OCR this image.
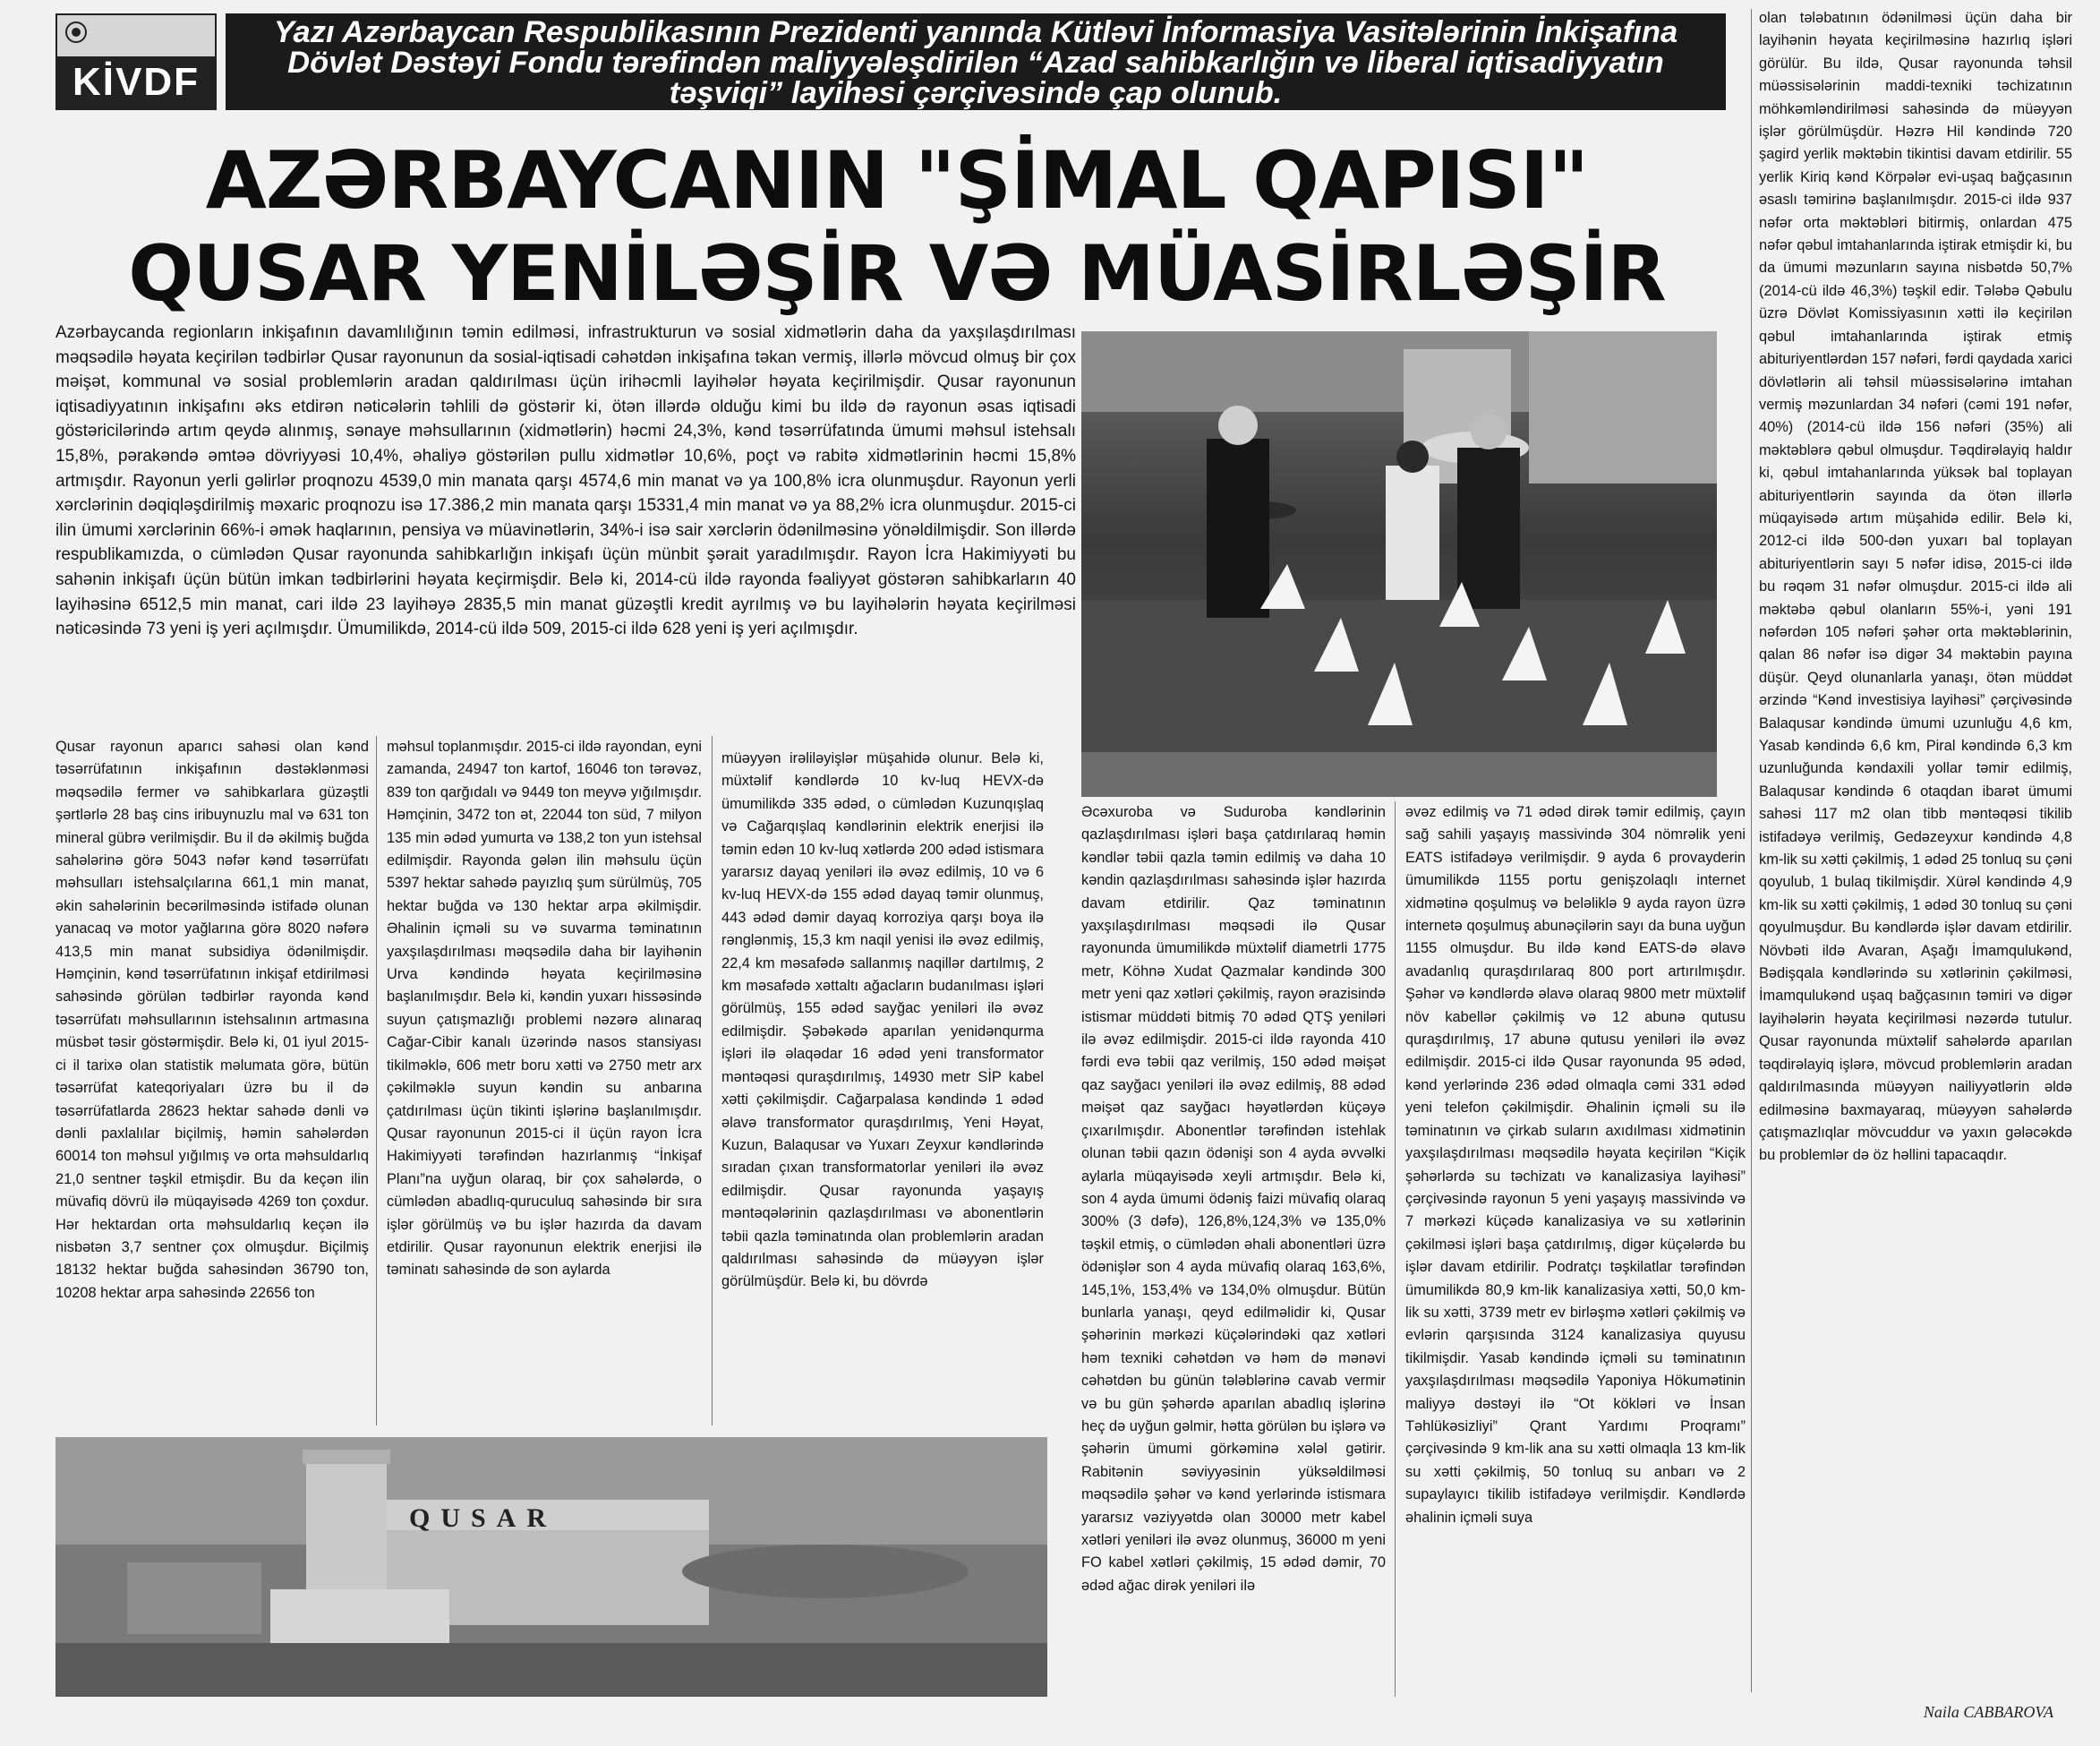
KİVDF
Yazı Azərbaycan Respublikasının Prezidenti yanında Kütləvi İnformasiya Vasitələrinin İnkişafına Dövlət Dəstəyi Fondu tərəfindən maliyyələşdirilən “Azad sahibkarlığın və liberal iqtisadiyyatın təşviqi” layihəsi çərçivəsində çap olunub.
AZƏRBAYCANIN "ŞİMAL QAPISI"
QUSAR YENİLƏŞİR VƏ MÜASİRLƏŞİR
Azərbaycanda regionların inkişafının davamlılığının təmin edilməsi, infrastrukturun və sosial xidmətlərin daha da yaxşılaşdırılması məqsədilə həyata keçirilən tədbirlər Qusar rayonunun da sosial-iqtisadi cəhətdən inkişafına təkan vermiş, illərlə mövcud olmuş bir çox məişət, kommunal və sosial problemlərin aradan qaldırılması üçün irihəcmli layihələr həyata keçirilmişdir. Qusar rayonunun iqtisadiyyatının inkişafını əks etdirən nəticələrin təhlili də göstərir ki, ötən illərdə olduğu kimi bu ildə də rayonun əsas iqtisadi göstəricilərində artım qeydə alınmış, sənaye məhsullarının (xidmətlərin) həcmi 24,3%, kənd təsərrüfatında ümumi məhsul istehsalı 15,8%, pərakəndə əmtəə dövriyyəsi 10,4%, əhaliyə göstərilən pullu xidmətlər 10,6%, poçt və rabitə xidmətlərinin həcmi 15,8% artmışdır. Rayonun yerli gəlirlər proqnozu 4539,0 min manata qarşı 4574,6 min manat və ya 100,8% icra olunmuşdur. Rayonun yerli xərclərinin dəqiqləşdirilmiş məxaric proqnozu isə 17.386,2 min manata qarşı 15331,4 min manat və ya 88,2% icra olunmuşdur. 2015-ci ilin ümumi xərclərinin 66%-i əmək haqlarının, pensiya və müavinətlərin, 34%-i isə sair xərclərin ödənilməsinə yönəldilmişdir. Son illərdə respublikamızda, o cümlədən Qusar rayonunda sahibkarlığın inkişafı üçün münbit şərait yaradılmışdır. Rayon İcra Hakimiyyəti bu sahənin inkişafı üçün bütün imkan tədbirlərini həyata keçirmişdir. Belə ki, 2014-cü ildə rayonda fəaliyyət göstərən sahibkarların 40 layihəsinə 6512,5 min manat, cari ildə 23 layihəyə 2835,5 min manat güzəştli kredit ayrılmış və bu layihələrin həyata keçirilməsi nəticəsində 73 yeni iş yeri açılmışdır. Ümumilikdə, 2014-cü ildə 509, 2015-ci ildə 628 yeni iş yeri açılmışdır.
Qusar rayonun aparıcı sahəsi olan kənd təsərrüfatının inkişafının dəstəklənməsi məqsədilə fermer və sahibkarlara güzəştli şərtlərlə 28 baş cins iribuynuzlu mal və 631 ton mineral gübrə verilmişdir. Bu il də əkilmiş buğda sahələrinə görə 5043 nəfər kənd təsərrüfatı məhsulları istehsalçılarına 661,1 min manat, əkin sahələrinin becərilməsində istifadə olunan yanacaq və motor yağlarına görə 8020 nəfərə 413,5 min manat subsidiya ödənilmişdir. Həmçinin, kənd təsərrüfatının inkişaf etdirilməsi sahəsində görülən tədbirlər rayonda kənd təsərrüfatı məhsullarının istehsalının artmasına müsbət təsir göstərmişdir. Belə ki, 01 iyul 2015-ci il tarixə olan statistik məlumata görə, bütün təsərrüfat kateqoriyaları üzrə bu il də təsərrüfatlarda 28623 hektar sahədə dənli və dənli paxlalılar biçilmiş, həmin sahələrdən 60014 ton məhsul yığılmış və orta məhsuldarlıq 21,0 sentner təşkil etmişdir. Bu da keçən ilin müvafiq dövrü ilə müqayisədə 4269 ton çoxdur. Hər hektardan orta məhsuldarlıq keçən ilə nisbətən 3,7 sentner çox olmuşdur. Biçilmiş 18132 hektar buğda sahəsindən 36790 ton, 10208 hektar arpa sahəsində 22656 ton
məhsul toplanmışdır. 2015-ci ildə rayondan, eyni zamanda, 24947 ton kartof, 16046 ton tərəvəz, 839 ton qarğıdalı və 9449 ton meyvə yığılmışdır. Həmçinin, 3472 ton ət, 22044 ton süd, 7 milyon 135 min ədəd yumurta və 138,2 ton yun istehsal edilmişdir. Rayonda gələn ilin məhsulu üçün 5397 hektar sahədə payızlıq şum sürülmüş, 705 hektar buğda və 130 hektar arpa əkilmişdir. Əhalinin içməli su və suvarma təminatının yaxşılaşdırılması məqsədilə daha bir layihənin Urva kəndində həyata keçirilməsinə başlanılmışdır. Belə ki, kəndin yuxarı hissəsində suyun çatışmazlığı problemi nəzərə alınaraq Cağar-Cibir kanalı üzərində nasos stansiyası tikilməklə, 606 metr boru xətti və 2750 metr arx çəkilməklə suyun kəndin su anbarına çatdırılması üçün tikinti işlərinə başlanılmışdır. Qusar rayonunun 2015-ci il üçün rayon İcra Hakimiyyəti tərəfindən hazırlanmış “İnkişaf Planı”na uyğun olaraq, bir çox sahələrdə, o cümlədən abadlıq-quruculuq sahəsində bir sıra işlər görülmüş və bu işlər hazırda da davam etdirilir. Qusar rayonunun elektrik enerjisi ilə təminatı sahəsində də son aylarda
müəyyən irəliləyişlər müşahidə olunur. Belə ki, müxtəlif kəndlərdə 10 kv-luq HEVX-də ümumilikdə 335 ədəd, o cümlədən Kuzunqışlaq və Cağarqışlaq kəndlərinin elektrik enerjisi ilə təmin edən 10 kv-luq xətlərdə 200 ədəd istismara yararsız dayaq yeniləri ilə əvəz edilmiş, 10 və 6 kv-luq HEVX-də 155 ədəd dayaq təmir olunmuş, 443 ədəd dəmir dayaq korroziya qarşı boya ilə rənglənmiş, 15,3 km naqil yenisi ilə əvəz edilmiş, 22,4 km məsafədə sallanmış naqillər dartılmış, 2 km məsafədə xəttaltı ağacların budanılması işləri görülmüş, 155 ədəd sayğac yeniləri ilə əvəz edilmişdir. Şəbəkədə aparılan yenidənqurma işləri ilə əlaqədar 16 ədəd yeni transformator məntəqəsi quraşdırılmış, 14930 metr SİP kabel xətti çəkilmişdir. Cağarpalasa kəndində 1 ədəd əlavə transformator quraşdırılmış, Yeni Həyat, Kuzun, Balaqusar və Yuxarı Zeyxur kəndlərində sıradan çıxan transformatorlar yeniləri ilə əvəz edilmişdir. Qusar rayonunda yaşayış məntəqələrinin qazlaşdırılması və abonentlərin təbii qazla təminatında olan problemlərin aradan qaldırılması sahəsində də müəyyən işlər görülmüşdür. Belə ki, bu dövrdə
Əcəxuroba və Suduroba kəndlərinin qazlaşdırılması işləri başa çatdırılaraq həmin kəndlər təbii qazla təmin edilmiş və daha 10 kəndin qazlaşdırılması sahəsində işlər hazırda davam etdirilir. Qaz təminatının yaxşılaşdırılması məqsədi ilə Qusar rayonunda ümumilikdə müxtəlif diametrli 1775 metr, Köhnə Xudat Qazmalar kəndində 300 metr yeni qaz xətləri çəkilmiş, rayon ərazisində istismar müddəti bitmiş 70 ədəd QTŞ yeniləri ilə əvəz edilmişdir. 2015-ci ildə rayonda 410 fərdi evə təbii qaz verilmiş, 150 ədəd məişət qaz sayğacı yeniləri ilə əvəz edilmiş, 88 ədəd məişət qaz sayğacı həyətlərdən küçəyə çıxarılmışdır. Abonentlər tərəfindən istehlak olunan təbii qazın ödənişi son 4 ayda əvvəlki aylarla müqayisədə xeyli artmışdır. Belə ki, son 4 ayda ümumi ödəniş faizi müvafiq olaraq 300% (3 dəfə), 126,8%,124,3% və 135,0% təşkil etmiş, o cümlədən əhali abonentləri üzrə ödənişlər son 4 ayda müvafiq olaraq 163,6%, 145,1%, 153,4% və 134,0% olmuşdur. Bütün bunlarla yanaşı, qeyd edilməlidir ki, Qusar şəhərinin mərkəzi küçələrindəki qaz xətləri həm texniki cəhətdən və həm də mənəvi cəhətdən bu günün tələblərinə cavab vermir və bu gün şəhərdə aparılan abadlıq işlərinə heç də uyğun gəlmir, hətta görülən bu işlərə və şəhərin ümumi görkəminə xələl gətirir. Rabitənin səviyyəsinin yüksəldilməsi məqsədilə şəhər və kənd yerlərində istismara yararsız vəziyyətdə olan 30000 metr kabel xətləri yeniləri ilə əvəz olunmuş, 36000 m yeni FO kabel xətləri çəkilmiş, 15 ədəd dəmir, 70 ədəd ağac dirək yeniləri ilə
əvəz edilmiş və 71 ədəd dirək təmir edilmiş, çayın sağ sahili yaşayış massivində 304 nömrəlik yeni EATS istifadəyə verilmişdir. 9 ayda 6 provayderin ümumilikdə 1155 portu genişzolaqlı internet xidmətinə qoşulmuş və beləliklə 9 ayda rayon üzrə internetə qoşulmuş abunəçilərin sayı da buna uyğun 1155 olmuşdur. Bu ildə kənd EATS-də əlavə avadanlıq quraşdırılaraq 800 port artırılmışdır. Şəhər və kəndlərdə əlavə olaraq 9800 metr müxtəlif növ kabellər çəkilmiş və 12 abunə qutusu quraşdırılmış, 17 abunə qutusu yeniləri ilə əvəz edilmişdir. 2015-ci ildə Qusar rayonunda 95 ədəd, kənd yerlərində 236 ədəd olmaqla cəmi 331 ədəd yeni telefon çəkilmişdir. Əhalinin içməli su ilə təminatının və çirkab suların axıdılması xidmətinin yaxşılaşdırılması məqsədilə həyata keçirilən “Kiçik şəhərlərdə su təchizatı və kanalizasiya layihəsi” çərçivəsində rayonun 5 yeni yaşayış massivində və 7 mərkəzi küçədə kanalizasiya və su xətlərinin çəkilməsi işləri başa çatdırılmış, digər küçələrdə bu işlər davam etdirilir. Podratçı təşkilatlar tərəfindən ümumilikdə 80,9 km-lik kanalizasiya xətti, 50,0 km-lik su xətti, 3739 metr ev birləşmə xətləri çəkilmiş və evlərin qarşısında 3124 kanalizasiya quyusu tikilmişdir. Yasab kəndində içməli su təminatının yaxşılaşdırılması məqsədilə Yaponiya Hökumətinin maliyyə dəstəyi ilə “Ot kökləri və İnsan Təhlükəsizliyi” Qrant Yardımı Proqramı” çərçivəsində 9 km-lik ana su xətti olmaqla 13 km-lik su xətti çəkilmiş, 50 tonluq su anbarı və 2 supaylayıcı tikilib istifadəyə verilmişdir. Kəndlərdə əhalinin içməli suya
olan tələbatının ödənilməsi üçün daha bir layihənin həyata keçirilməsinə hazırlıq işləri görülür. Bu ildə, Qusar rayonunda təhsil müəssisələrinin maddi-texniki təchizatının möhkəmləndirilməsi sahəsində də müəyyən işlər görülmüşdür. Həzrə Hil kəndində 720 şagird yerlik məktəbin tikintisi davam etdirilir. 55 yerlik Kiriq kənd Körpələr evi-uşaq bağçasının əsaslı təmirinə başlanılmışdır. 2015-ci ildə 937 nəfər orta məktəbləri bitirmiş, onlardan 475 nəfər qəbul imtahanlarında iştirak etmişdir ki, bu da ümumi məzunların sayına nisbətdə 50,7% (2014-cü ildə 46,3%) təşkil edir. Tələbə Qəbulu üzrə Dövlət Komissiyasının xətti ilə keçirilən qəbul imtahanlarında iştirak etmiş abituriyentlərdən 157 nəfəri, fərdi qaydada xarici dövlətlərin ali təhsil müəssisələrinə imtahan vermiş məzunlardan 34 nəfəri (cəmi 191 nəfər, 40%) (2014-cü ildə 156 nəfəri (35%) ali məktəblərə qəbul olmuşdur. Təqdirəlayiq haldır ki, qəbul imtahanlarında yüksək bal toplayan abituriyentlərin sayında da ötən illərlə müqayisədə artım müşahidə edilir. Belə ki, 2012-ci ildə 500-dən yuxarı bal toplayan abituriyentlərin sayı 5 nəfər idisə, 2015-ci ildə bu rəqəm 31 nəfər olmuşdur. 2015-ci ildə ali məktəbə qəbul olanların 55%-i, yəni 191 nəfərdən 105 nəfəri şəhər orta məktəblərinin, qalan 86 nəfər isə digər 34 məktəbin payına düşür. Qeyd olunanlarla yanaşı, ötən müddət ərzində “Kənd investisiya layihəsi” çərçivəsində Balaqusar kəndində ümumi uzunluğu 4,6 km, Yasab kəndində 6,6 km, Piral kəndində 6,3 km uzunluğunda kəndaxili yollar təmir edilmiş, Balaqusar kəndində 6 otaqdan ibarət ümumi sahəsi 117 m2 olan tibb məntəqəsi tikilib istifadəyə verilmiş, Gedəzeyxur kəndində 4,8 km-lik su xətti çəkilmiş, 1 ədəd 25 tonluq su çəni qoyulub, 1 bulaq tikilmişdir. Xürəl kəndində 4,9 km-lik su xətti çəkilmiş, 1 ədəd 30 tonluq su çəni qoyulmuşdur. Bu kəndlərdə işlər davam etdirilir. Növbəti ildə Avaran, Aşağı İmamqulukənd, Bədişqala kəndlərində su xətlərinin çəkilməsi, İmamqulukənd uşaq bağçasının təmiri və digər layihələrin həyata keçirilməsi nəzərdə tutulur. Qusar rayonunda müxtəlif sahələrdə aparılan təqdirəlayiq işlərə, mövcud problemlərin aradan qaldırılmasında müəyyən nailiyyətlərin əldə edilməsinə baxmayaraq, müəyyən sahələrdə çatışmazlıqlar mövcuddur və yaxın gələcəkdə bu problemlər də öz həllini tapacaqdır.
QUSAR
Naila CABBAROVA
